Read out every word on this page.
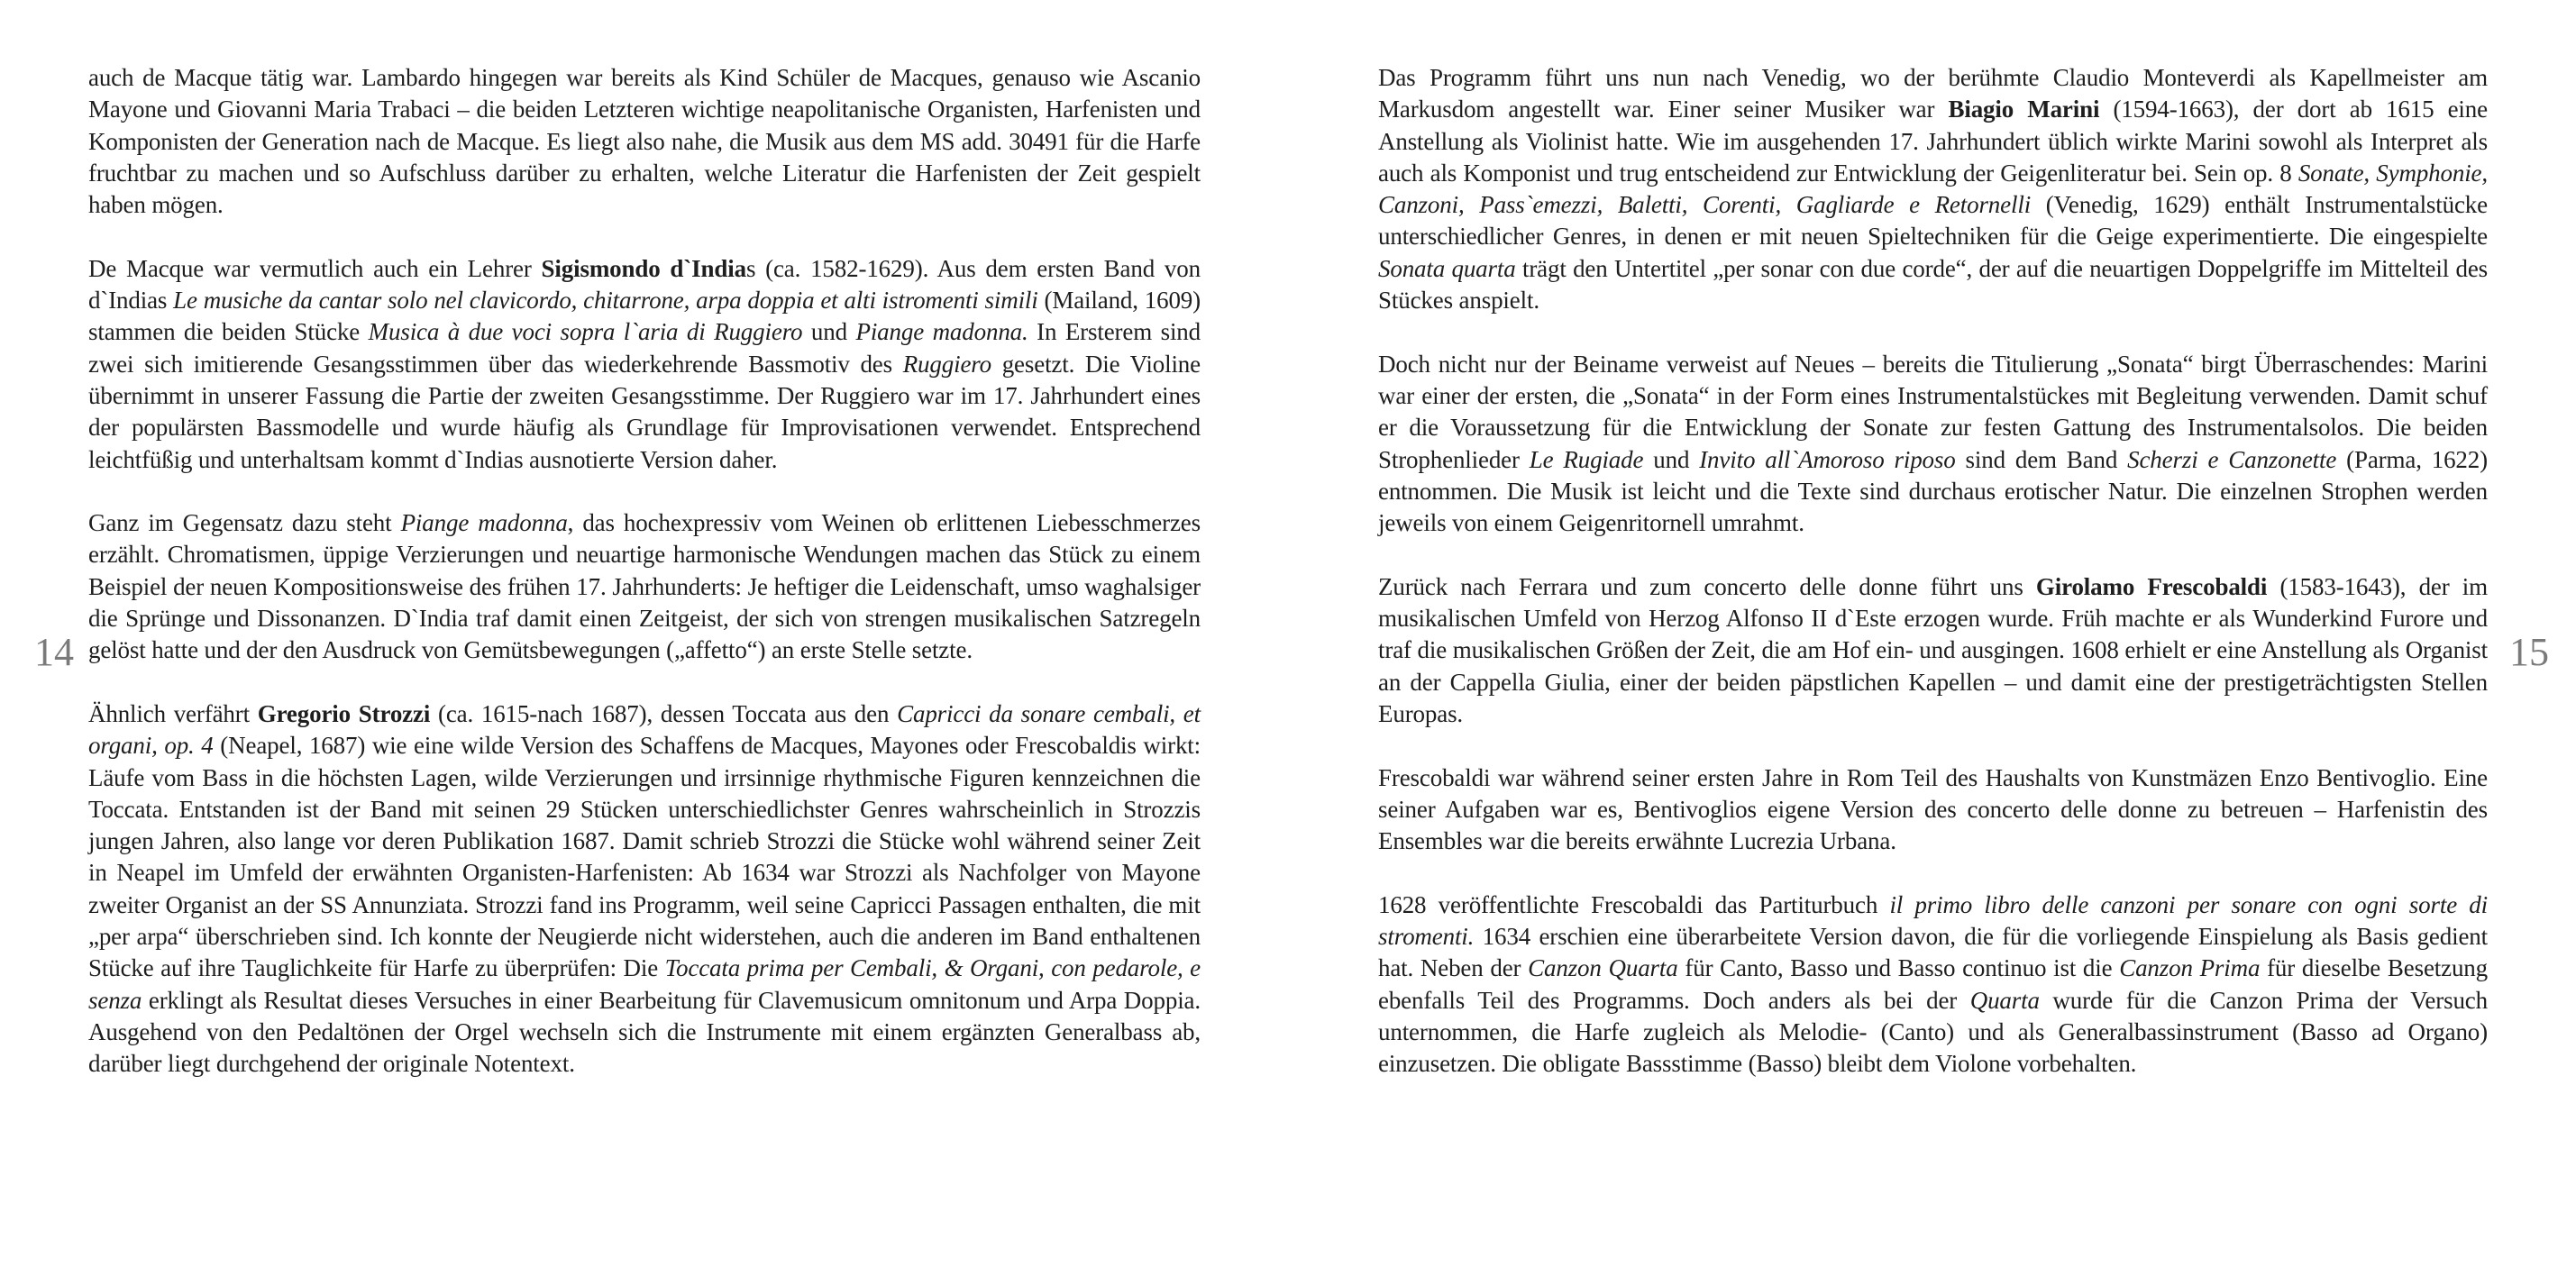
14

auch de Macque tätig war. Lambardo hingegen war bereits als Kind Schüler de Macques, genauso wie Ascanio Mayone und Giovanni Maria Trabaci – die beiden Letzteren wichtige neapolitanische Organisten, Harfenisten und Komponisten der Generation nach de Macque. Es liegt also nahe, die Musik aus dem MS add. 30491 für die Harfe fruchtbar zu machen und so Aufschluss darüber zu erhalten, welche Literatur die Harfenisten der Zeit gespielt haben mögen.

De Macque war vermutlich auch ein Lehrer Sigismondo d`Indias (ca. 1582-1629). Aus dem ersten Band von d`Indias Le musiche da cantar solo nel clavicordo, chitarrone, arpa doppia et alti istromenti simili (Mailand, 1609) stammen die beiden Stücke Musica à due voci sopra l`aria di Ruggiero und Piange madonna. In Ersterem sind zwei sich imitierende Gesangsstimmen über das wiederkehrende Bassmotiv des Ruggiero gesetzt. Die Violine übernimmt in unserer Fassung die Partie der zweiten Gesangsstimme. Der Ruggiero war im 17. Jahrhundert eines der populärsten Bassmodelle und wurde häufig als Grundlage für Improvisationen verwendet. Entsprechend leichtfüßig und unterhaltsam kommt d`Indias ausnotierte Version daher.

Ganz im Gegensatz dazu steht Piange madonna, das hochexpressiv vom Weinen ob erlittenen Liebesschmerzes erzählt. Chromatismen, üppige Verzierungen und neuartige harmonische Wendungen machen das Stück zu einem Beispiel der neuen Kompositionsweise des frühen 17. Jahrhunderts: Je heftiger die Leidenschaft, umso waghalsiger die Sprünge und Dissonanzen. D`India traf damit einen Zeitgeist, der sich von strengen musikalischen Satzregeln gelöst hatte und der den Ausdruck von Gemütsbewegungen („affetto“) an erste Stelle setzte.

Ähnlich verfährt Gregorio Strozzi (ca. 1615-nach 1687), dessen Toccata aus den Capricci da sonare cembali, et organi, op. 4 (Neapel, 1687) wie eine wilde Version des Schaffens de Macques, Mayones oder Frescobaldis wirkt: Läufe vom Bass in die höchsten Lagen, wilde Verzierungen und irrsinnige rhythmische Figuren kennzeichnen die Toccata. Entstanden ist der Band mit seinen 29 Stücken unterschiedlichster Genres wahrscheinlich in Strozzis jungen Jahren, also lange vor deren Publikation 1687. Damit schrieb Strozzi die Stücke wohl während seiner Zeit in Neapel im Umfeld der erwähnten Organisten-Harfenisten: Ab 1634 war Strozzi als Nachfolger von Mayone zweiter Organist an der SS Annunziata. Strozzi fand ins Programm, weil seine Capricci Passagen enthalten, die mit „per arpa“ überschrieben sind. Ich konnte der Neugierde nicht widerstehen, auch die anderen im Band enthaltenen Stücke auf ihre Tauglichkeite für Harfe zu überprüfen: Die Toccata prima per Cembali, & Organi, con pedarole, e senza erklingt als Resultat dieses Versuches in einer Bearbeitung für Clavemusicum omnitonum und Arpa Doppia. Ausgehend von den Pedaltönen der Orgel wechseln sich die Instrumente mit einem ergänzten Generalbass ab, darüber liegt durchgehend der originale Notentext.

Das Programm führt uns nun nach Venedig, wo der berühmte Claudio Monteverdi als Kapellmeister am Markusdom angestellt war. Einer seiner Musiker war Biagio Marini (1594-1663), der dort ab 1615 eine Anstellung als Violinist hatte. Wie im ausgehenden 17. Jahrhundert üblich wirkte Marini sowohl als Interpret als auch als Komponist und trug entscheidend zur Entwicklung der Geigenliteratur bei. Sein op. 8 Sonate, Symphonie, Canzoni, Pass`emezzi, Baletti, Corenti, Gagliarde e Retornelli (Venedig, 1629) enthält Instrumentalstücke unterschiedlicher Genres, in denen er mit neuen Spieltechniken für die Geige experimentierte. Die eingespielte Sonata quarta trägt den Untertitel „per sonar con due corde“, der auf die neuartigen Doppelgriffe im Mittelteil des Stückes anspielt.

Doch nicht nur der Beiname verweist auf Neues – bereits die Titulierung „Sonata“ birgt Überraschendes: Marini war einer der ersten, die „Sonata“ in der Form eines Instrumentalstückes mit Begleitung verwenden. Damit schuf er die Voraussetzung für die Entwicklung der Sonate zur festen Gattung des Instrumentalsolos. Die beiden Strophenlieder Le Rugiade und Invito all`Amoroso riposo sind dem Band Scherzi e Canzonette (Parma, 1622) entnommen. Die Musik ist leicht und die Texte sind durchaus erotischer Natur. Die einzelnen Strophen werden jeweils von einem Geigenritornell umrahmt.

Zurück nach Ferrara und zum concerto delle donne führt uns Girolamo Frescobaldi (1583-1643), der im musikalischen Umfeld von Herzog Alfonso II d`Este erzogen wurde. Früh machte er als Wunderkind Furore und traf die musikalischen Größen der Zeit, die am Hof ein- und ausgingen. 1608 erhielt er eine Anstellung als Organist an der Cappella Giulia, einer der beiden päpstlichen Kapellen – und damit eine der prestigeträchtigsten Stellen Europas.

Frescobaldi war während seiner ersten Jahre in Rom Teil des Haushalts von Kunstmäzen Enzo Bentivoglio. Eine seiner Aufgaben war es, Bentivoglios eigene Version des concerto delle donne zu betreuen – Harfenistin des Ensembles war die bereits erwähnte Lucrezia Urbana.

1628 veröffentlichte Frescobaldi das Partiturbuch il primo libro delle canzoni per sonare con ogni sorte di stromenti. 1634 erschien eine überarbeitete Version davon, die für die vorliegende Einspielung als Basis gedient hat. Neben der Canzon Quarta für Canto, Basso und Basso continuo ist die Canzon Prima für dieselbe Besetzung ebenfalls Teil des Programms. Doch anders als bei der Quarta wurde für die Canzon Prima der Versuch unternommen, die Harfe zugleich als Melodie- (Canto) und als Generalbassinstrument (Basso ad Organo) einzusetzen. Die obligate Bassstimme (Basso) bleibt dem Violone vorbehalten.

15
